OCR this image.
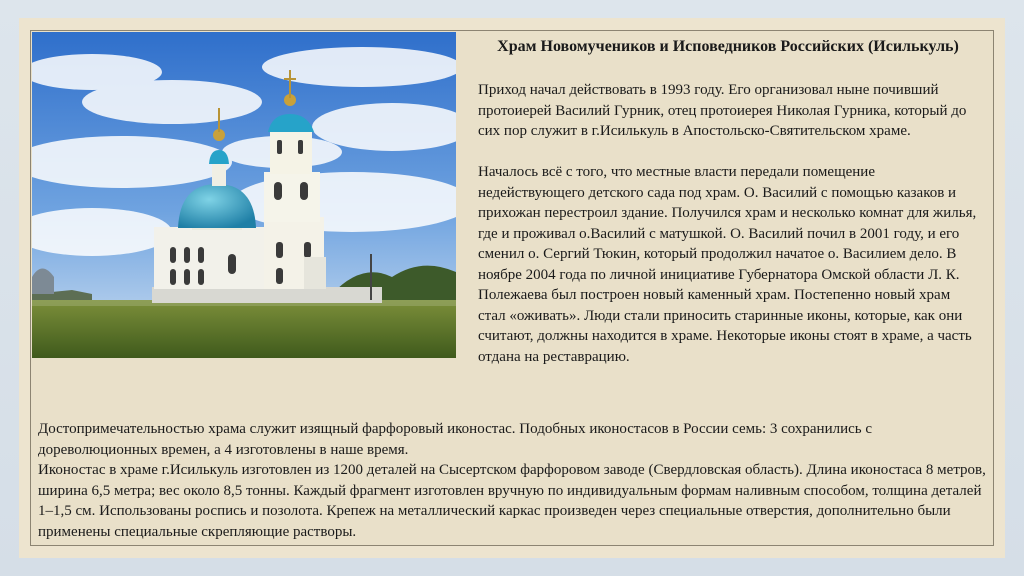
Храм Новомучеников и Исповедников Российских (Исилькуль)
Приход начал действовать в 1993 году. Его организовал ныне почивший протоиерей Василий Гурник, отец протоиерея Николая Гурника, который до сих пор служит в г.Исилькуль в Апостольско-Святительском храме.
Началось всё с того, что местные власти передали помещение недействующего детского сада под храм. О. Василий с помощью казаков и прихожан перестроил здание. Получился храм и несколько комнат для жилья, где и проживал о.Василий с матушкой. О. Василий почил в 2001 году, и его сменил о. Сергий Тюкин, который продолжил начатое о. Василием дело. В ноябре 2004 года по личной инициативе Губернатора Омской области Л. К. Полежаева был построен новый каменный храм. Постепенно новый храм стал «оживать». Люди стали приносить старинные иконы, которые, как они считают, должны находится в храме. Некоторые иконы стоят в храме, а часть отдана на реставрацию.
Достопримечательностью храма служит изящный фарфоровый иконостас. Подобных иконостасов в России семь: 3 сохранились с дореволюционных времен, а 4 изготовлены в наше время.
Иконостас в храме г.Исилькуль изготовлен из 1200 деталей на Сысертском фарфоровом заводе (Свердловская область). Длина иконостаса 8 метров, ширина 6,5 метра; вес около 8,5 тонны. Каждый фрагмент изготовлен вручную по индивидуальным формам наливным способом, толщина деталей 1–1,5 см. Использованы роспись и позолота. Крепеж на металлический каркас произведен через специальные отверстия, дополнительно были применены специальные скрепляющие растворы.
